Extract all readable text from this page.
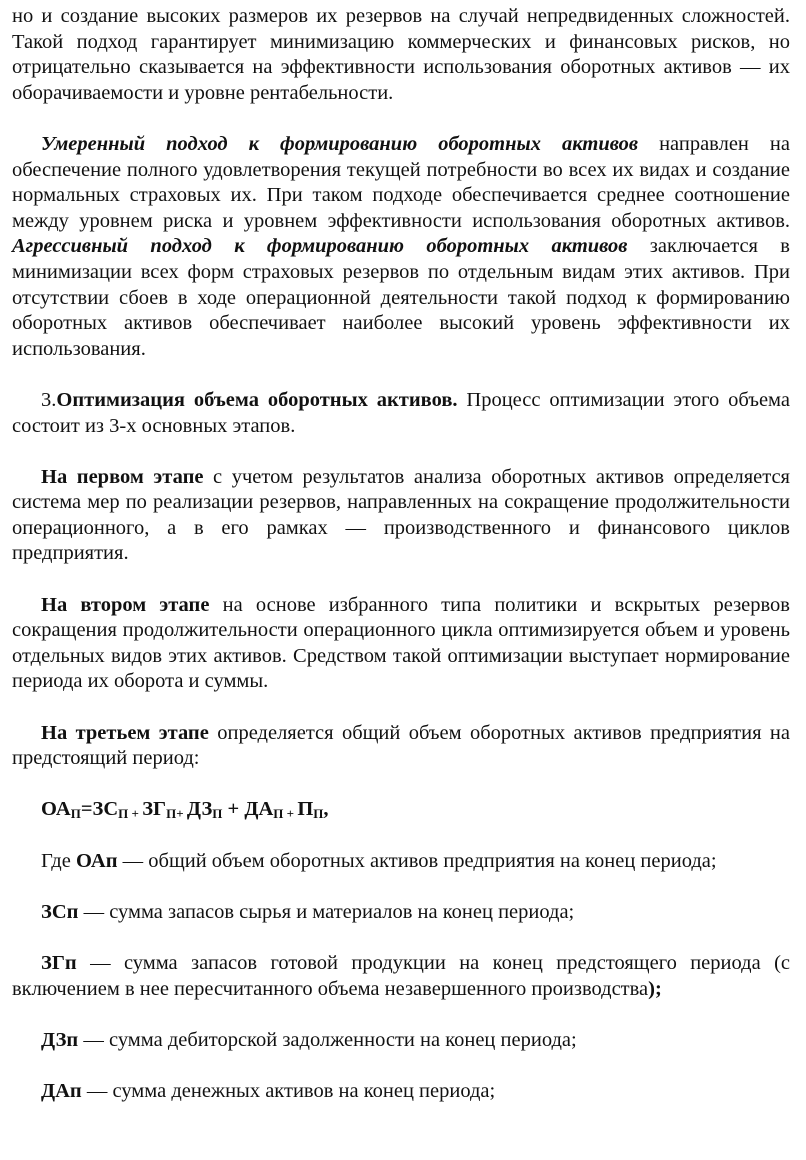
но и создание высоких размеров их резервов на случай непредвиденных сложностей. Такой подход гарантирует минимизацию коммерческих и финансовых рисков, но отрицательно сказывается на эффективности использования оборотных активов — их оборачиваемости и уровне рентабельности.

Умеренный подход к формированию оборотных активов направлен на обеспечение полного удовлетворения текущей потребности во всех их видах и создание нормальных страховых их. При таком подходе обеспечивается среднее соотношение между уровнем риска и уровнем эффективности использования оборотных активов. Агрессивный подход к формированию оборотных активов заключается в минимизации всех форм страховых резервов по отдельным видам этих активов. При отсутствии сбоев в ходе операционной деятельности такой подход к формированию оборотных активов обеспечивает наиболее высокий уровень эффективности их использования.

3.Оптимизация объема оборотных активов. Процесс оптимизации этого объема состоит из 3-х основных этапов.

На первом этапе с учетом результатов анализа оборотных активов определяется система мер по реализации резервов, направленных на сокращение продолжительности операционного, а в его рамках — производственного и финансового циклов предприятия.

На втором этапе на основе избранного типа политики и вскрытых резервов сокращения продолжительности операционного цикла оптимизируется объем и уровень отдельных видов этих активов. Средством такой оптимизации выступает нормирование периода их оборота и суммы.

На третьем этапе определяется общий объем оборотных активов предприятия на предстоящий период:

$ОА_П=ЗС_{П +}$ $ЗГ_{П+}$ $ДЗ_П + ДА_{П +}$ $П_П$,

Где ОАп — общий объем оборотных активов предприятия на конец периода;

ЗСп — сумма запасов сырья и материалов на конец периода;

ЗГп — сумма запасов готовой продукции на конец предстоящего периода (с включением в нее пересчитанного объема незавершенного производства);

ДЗп — сумма дебиторской задолженности на конец периода;

ДАп — сумма денежных активов на конец периода;
